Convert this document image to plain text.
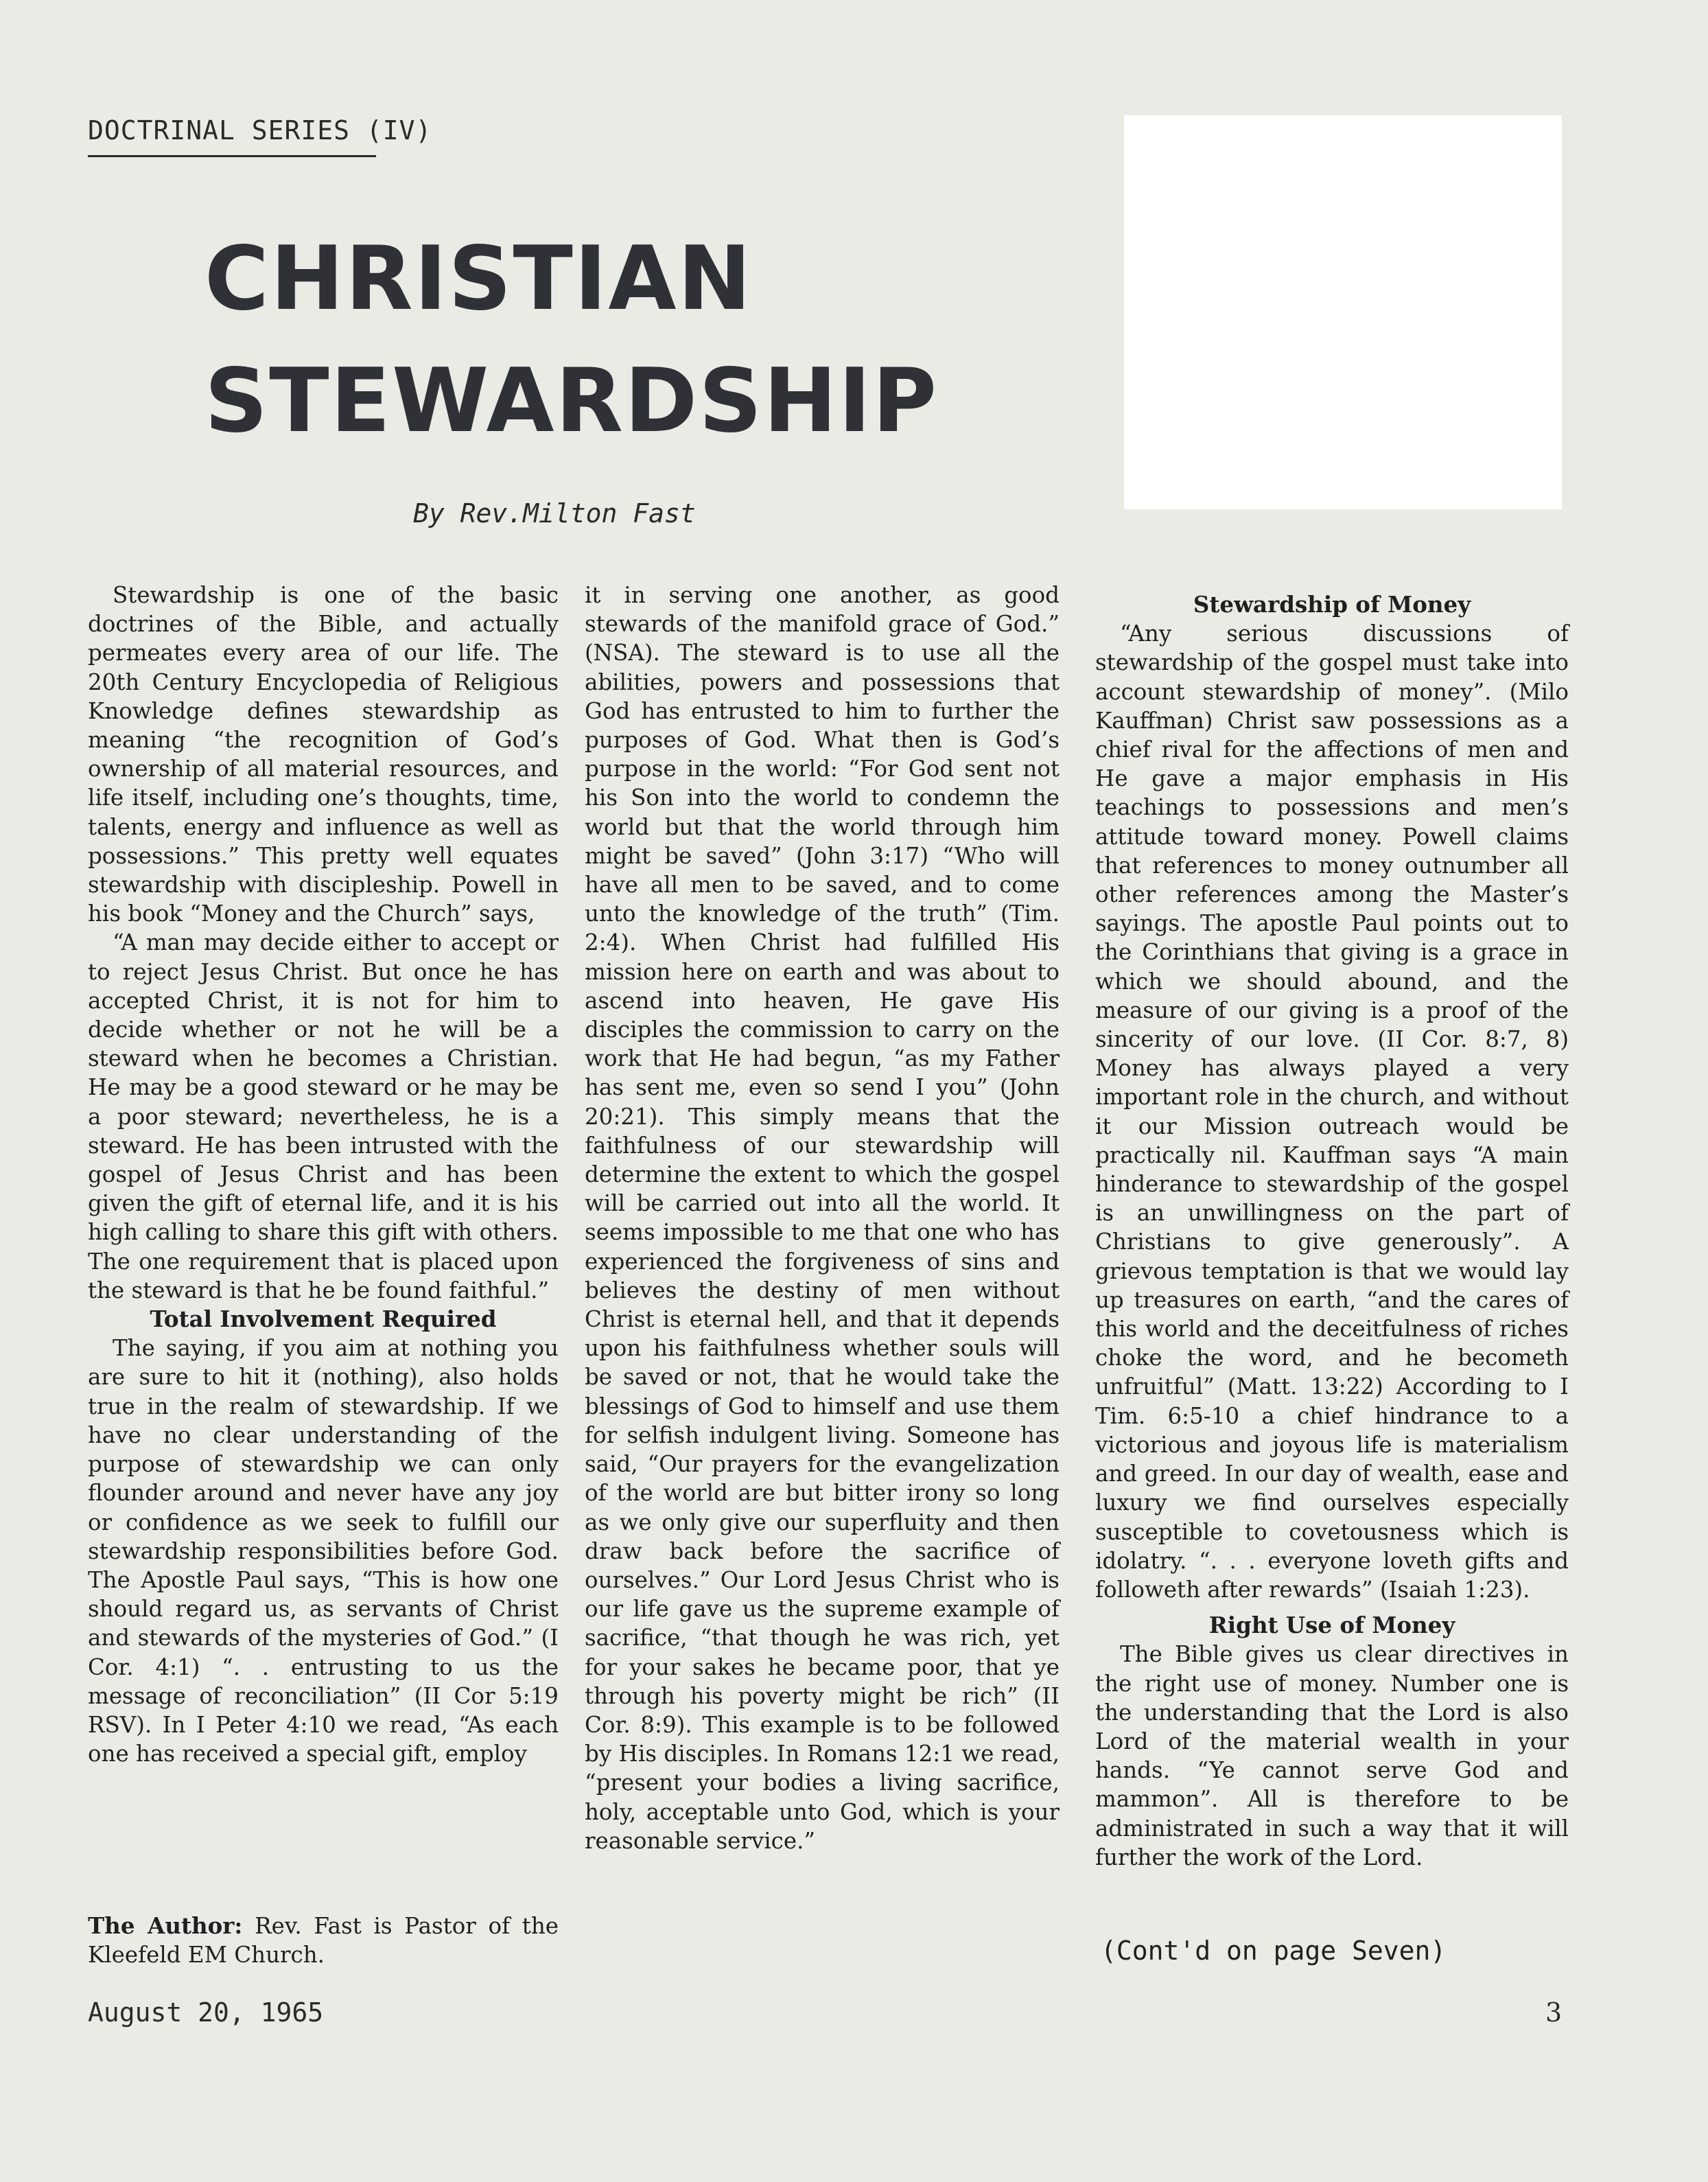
DOCTRINAL SERIES (IV)
CHRISTIAN
STEWARDSHIP
By Rev.Milton Fast

Stewardship is one of the basic doctrines of the Bible, and actually permeates every area of our life. The 20th Century Encyclopedia of Religious Knowledge defines stewardship as meaning “the recognition of God’s ownership of all material resources, and life itself, including one’s thoughts, time, talents, energy and influence as well as possessions.” This pretty well equates stewardship with discipleship. Powell in his book “Money and the Church” says,

“A man may decide either to accept or to reject Jesus Christ. But once he has accepted Christ, it is not for him to decide whether or not he will be a steward when he becomes a Christian. He may be a good steward or he may be a poor steward; nevertheless, he is a steward. He has been intrusted with the gospel of Jesus Christ and has been given the gift of eternal life, and it is his high calling to share this gift with others. The one requirement that is placed upon the steward is that he be found faithful.”

Total Involvement Required

The saying, if you aim at nothing you are sure to hit it (nothing), also holds true in the realm of stewardship. If we have no clear understanding of the purpose of stewardship we can only flounder around and never have any joy or confidence as we seek to fulfill our stewardship responsibilities before God. The Apostle Paul says, “This is how one should regard us, as servants of Christ and stewards of the mysteries of God.” (I Cor. 4:1) “. . entrusting to us the message of reconciliation” (II Cor 5:19 RSV). In I Peter 4:10 we read, “As each one has received a special gift, employ

it in serving one another, as good stewards of the manifold grace of God.” (NSA). The steward is to use all the abilities, powers and possessions that God has entrusted to him to further the purposes of God. What then is God’s purpose in the world: “For God sent not his Son into the world to condemn the world but that the world through him might be saved” (John 3:17) “Who will have all men to be saved, and to come unto the knowledge of the truth” (Tim. 2:4). When Christ had fulfilled His mission here on earth and was about to ascend into heaven, He gave His disciples the commission to carry on the work that He had begun, “as my Father has sent me, even so send I you” (John 20:21). This simply means that the faithfulness of our stewardship will determine the extent to which the gospel will be carried out into all the world. It seems impossible to me that one who has experienced the forgiveness of sins and believes the destiny of men without Christ is eternal hell, and that it depends upon his faithfulness whether souls will be saved or not, that he would take the blessings of God to himself and use them for selfish indulgent living. Someone has said, “Our prayers for the evangelization of the world are but bitter irony so long as we only give our superfluity and then draw back before the sacrifice of ourselves.” Our Lord Jesus Christ who is our life gave us the supreme example of sacrifice, “that though he was rich, yet for your sakes he became poor, that ye through his poverty might be rich” (II Cor. 8:9). This example is to be followed by His disciples. In Romans 12:1 we read, “present your bodies a living sacrifice, holy, acceptable unto God, which is your reasonable service.”

Stewardship of Money

“Any serious discussions of stewardship of the gospel must take into account stewardship of money”. (Milo Kauffman) Christ saw possessions as a chief rival for the affections of men and He gave a major emphasis in His teachings to possessions and men’s attitude toward money. Powell claims that references to money outnumber all other references among the Master’s sayings. The apostle Paul points out to the Corinthians that giving is a grace in which we should abound, and the measure of our giving is a proof of the sincerity of our love. (II Cor. 8:7, 8) Money has always played a very important role in the church, and without it our Mission outreach would be practically nil. Kauffman says “A main hinderance to stewardship of the gospel is an unwillingness on the part of Christians to give generously”. A grievous temptation is that we would lay up treasures on earth, “and the cares of this world and the deceitfulness of riches choke the word, and he becometh unfruitful” (Matt. 13:22) According to I Tim. 6:5-10 a chief hindrance to a victorious and joyous life is materialism and greed. In our day of wealth, ease and luxury we find ourselves especially susceptible to covetousness which is idolatry. “. . . everyone loveth gifts and followeth after rewards” (Isaiah 1:23).

Right Use of Money

The Bible gives us clear directives in the right use of money. Number one is the understanding that the Lord is also Lord of the material wealth in your hands. “Ye cannot serve God and mammon”. All is therefore to be administrated in such a way that it will further the work of the Lord.

The Author: Rev. Fast is Pastor of the Kleefeld EM Church.	(Cont'd on page Seven)
August 20, 1965	3
